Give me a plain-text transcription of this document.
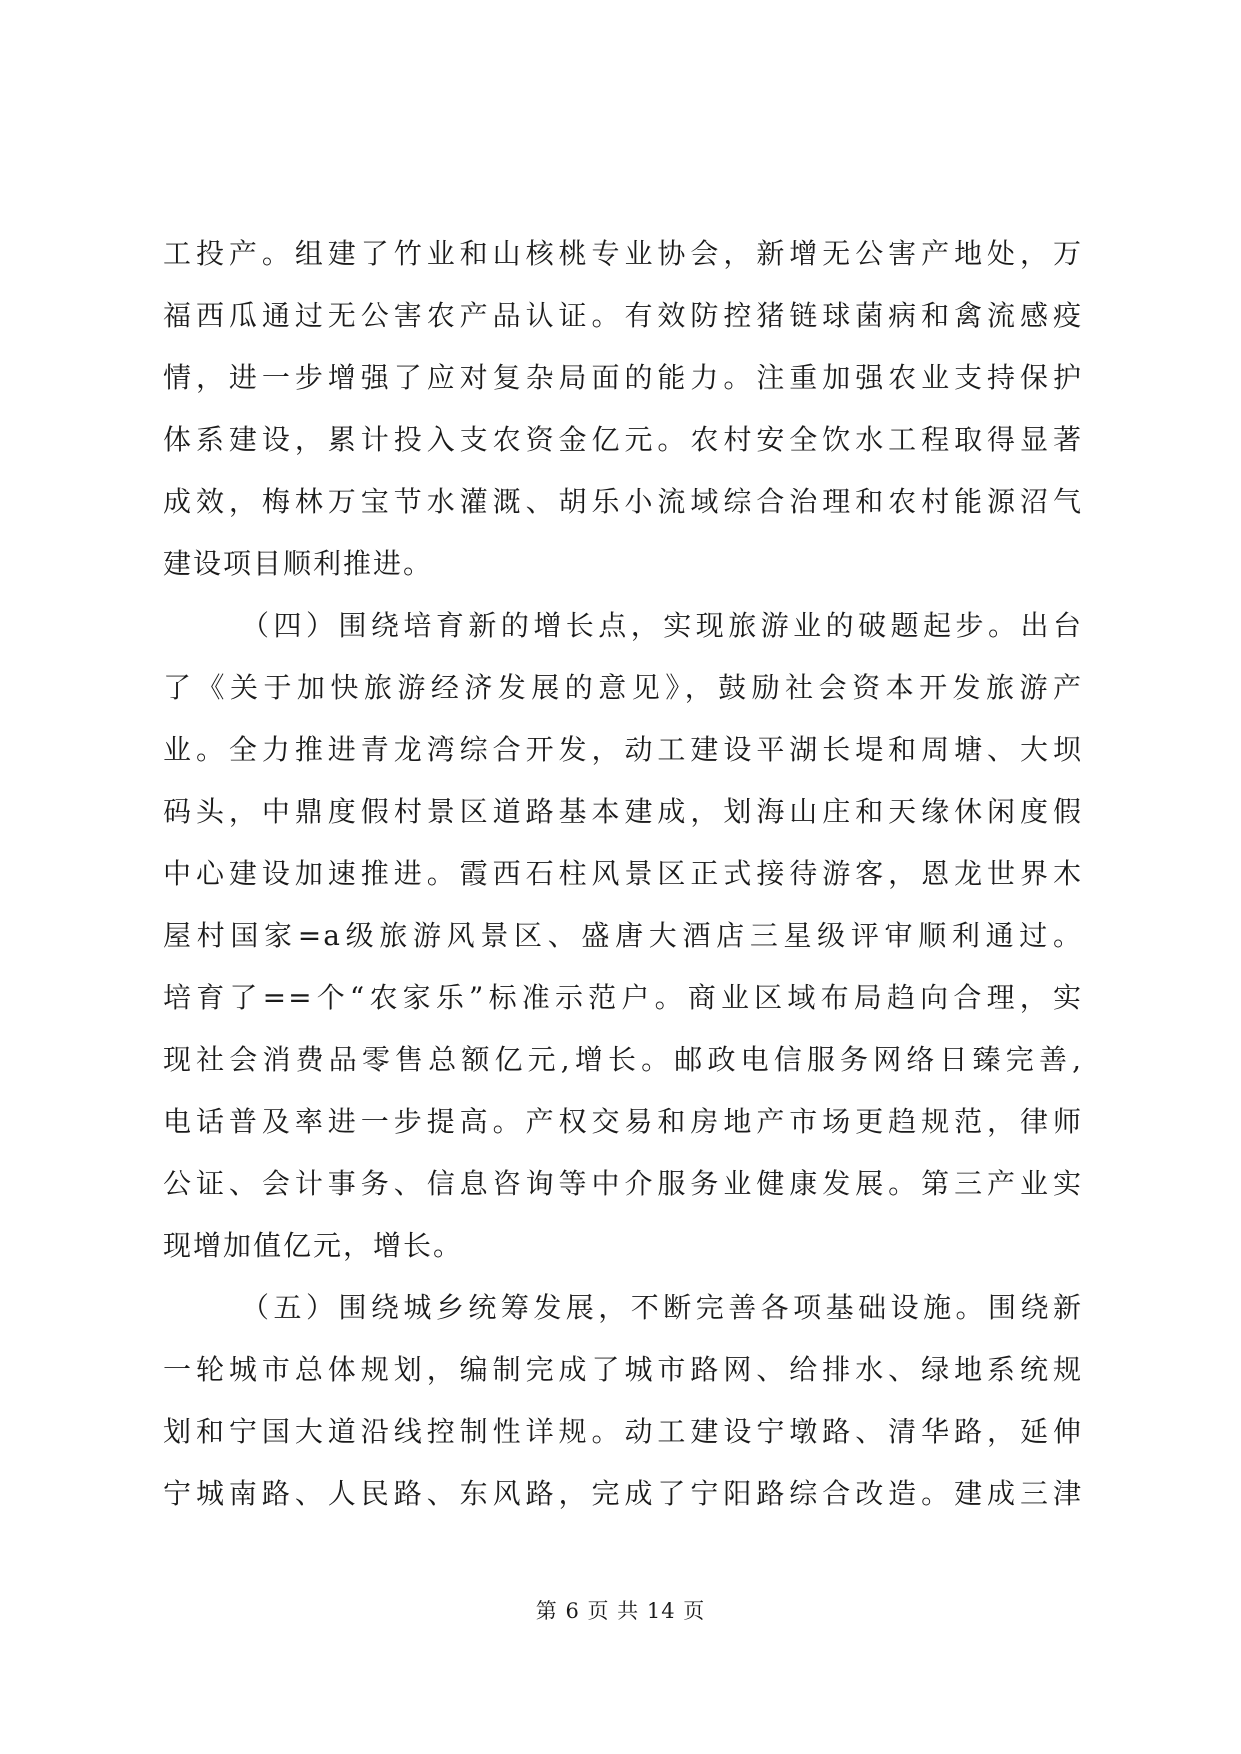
工投产。组建了竹业和山核桃专业协会，新增无公害产地处，万
福西瓜通过无公害农产品认证。有效防控猪链球菌病和禽流感疫
情，进一步增强了应对复杂局面的能力。注重加强农业支持保护
体系建设，累计投入支农资金亿元。农村安全饮水工程取得显著
成效，梅林万宝节水灌溉、胡乐小流域综合治理和农村能源沼气
建设项目顺利推进。
（四）围绕培育新的增长点，实现旅游业的破题起步。出台
了《关于加快旅游经济发展的意见》，鼓励社会资本开发旅游产
业。全力推进青龙湾综合开发，动工建设平湖长堤和周塘、大坝
码头，中鼎度假村景区道路基本建成，划海山庄和天缘休闲度假
中心建设加速推进。霞西石柱风景区正式接待游客，恩龙世界木
屋村国家=a级旅游风景区、盛唐大酒店三星级评审顺利通过。
培育了==个“农家乐”标准示范户。商业区域布局趋向合理，实
现社会消费品零售总额亿元,增长。邮政电信服务网络日臻完善,
电话普及率进一步提高。产权交易和房地产市场更趋规范，律师
公证、会计事务、信息咨询等中介服务业健康发展。第三产业实
现增加值亿元，增长。
（五）围绕城乡统筹发展，不断完善各项基础设施。围绕新
一轮城市总体规划，编制完成了城市路网、给排水、绿地系统规
划和宁国大道沿线控制性详规。动工建设宁墩路、清华路，延伸
宁城南路、人民路、东风路，完成了宁阳路综合改造。建成三津
第 6 页 共 14 页
